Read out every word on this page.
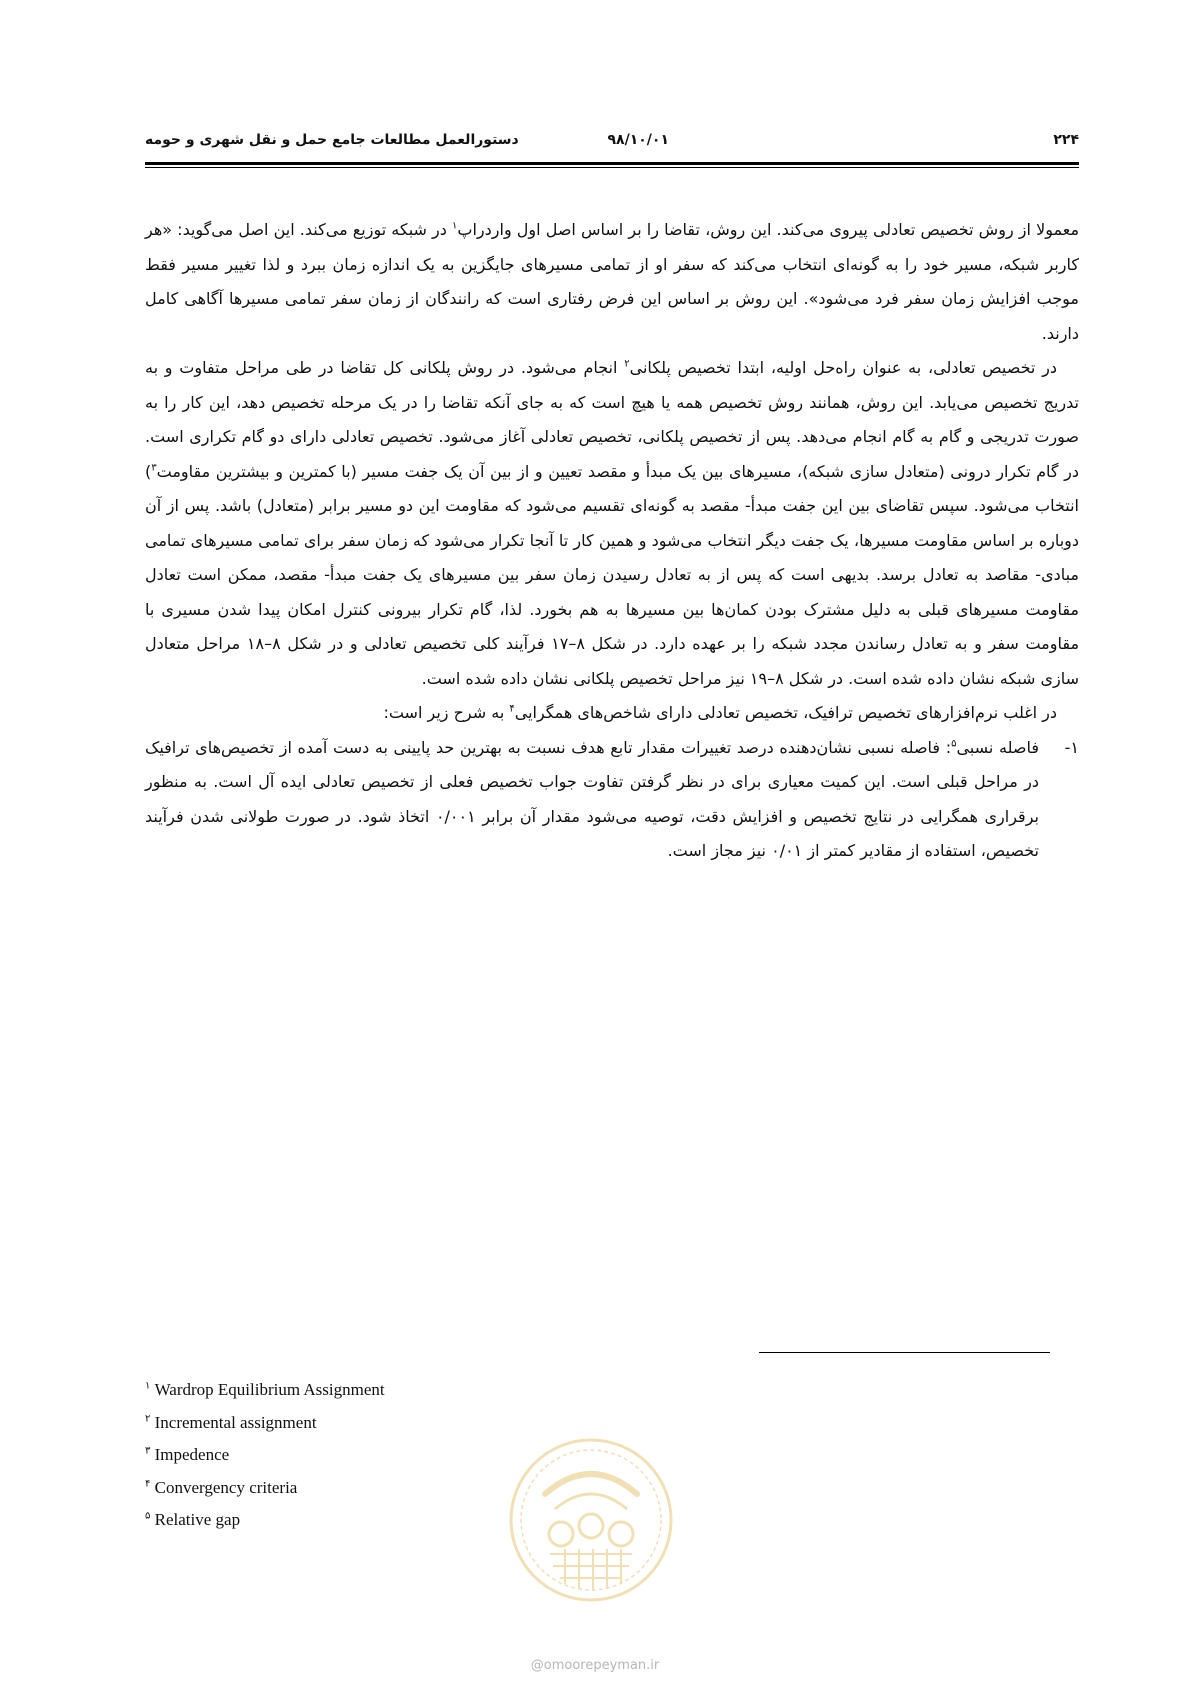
۲۲۴
۹۸/۱۰/۰۱
دستورالعمل مطالعات جامع حمل و نقل شهری و حومه

معمولا از روش تخصیص تعادلی پیروی می‌کند. این روش، تقاضا را بر اساس اصل اول واردراپ$^۱$ در شبکه توزیع می‌کند. این اصل می‌گوید: «هر کاربر شبکه، مسیر خود را به گونه‌ای انتخاب می‌کند که سفر او از تمامی مسیرهای جایگزین به یک اندازه زمان ببرد و لذا تغییر مسیر فقط موجب افزایش زمان سفر فرد می‌شود». این روش بر اساس این فرض رفتاری است که رانندگان از زمان سفر تمامی مسیرها آگاهی کامل دارند.

در تخصیص تعادلی، به عنوان راه‌حل اولیه، ابتدا تخصیص پلکانی$^۲$ انجام می‌شود. در روش پلکانی کل تقاضا در طی مراحل متفاوت و به تدریج تخصیص می‌یابد. این روش، همانند روش تخصیص همه یا هیچ است که به جای آنکه تقاضا را در یک مرحله تخصیص دهد، این کار را به صورت تدریجی و گام به گام انجام می‌دهد. پس از تخصیص پلکانی، تخصیص تعادلی آغاز می‌شود. تخصیص تعادلی دارای دو گام تکراری است. در گام تکرار درونی (متعادل سازی شبکه)، مسیرهای بین یک مبدأ و مقصد تعیین و از بین آن یک جفت مسیر (با کمترین و بیشترین مقاومت$^۳$) انتخاب می‌شود. سپس تقاضای بین این جفت مبدأ- مقصد به گونه‌ای تقسیم می‌شود که مقاومت این دو مسیر برابر (متعادل) باشد. پس از آن دوباره بر اساس مقاومت مسیرها، یک جفت دیگر انتخاب می‌شود و همین کار تا آنجا تکرار می‌شود که زمان سفر برای تمامی مسیرهای تمامی مبادی- مقاصد به تعادل برسد. بدیهی است که پس از به تعادل رسیدن زمان سفر بین مسیرهای یک جفت مبدأ- مقصد، ممکن است تعادل مقاومت مسیرهای قبلی به دلیل مشترک بودن کمان‌ها بین مسیرها به هم بخورد. لذا، گام تکرار بیرونی کنترل امکان پیدا شدن مسیری با مقاومت سفر و به تعادل رساندن مجدد شبکه را بر عهده دارد. در شکل ۸–۱۷ فرآیند کلی تخصیص تعادلی و در شکل ۸–۱۸ مراحل متعادل سازی شبکه نشان داده شده است. در شکل ۸–۱۹ نیز مراحل تخصیص پلکانی نشان داده شده است.

در اغلب نرم‌افزارهای تخصیص ترافیک، تخصیص تعادلی دارای شاخص‌های همگرایی$^۴$ به شرح زیر است:

۱-
فاصله نسبی$^۵$: فاصله نسبی نشان‌دهنده درصد تغییرات مقدار تابع هدف نسبت به بهترین حد پایینی به دست آمده از تخصیص‌های ترافیک در مراحل قبلی است. این کمیت معیاری برای در نظر گرفتن تفاوت جواب تخصیص فعلی از تخصیص تعادلی ایده آل است. به منظور برقراری همگرایی در نتایج تخصیص و افزایش دقت، توصیه می‌شود مقدار آن برابر ۰/۰۰۱ اتخاذ شود. در صورت طولانی شدن فرآیند تخصیص، استفاده از مقادیر کمتر از ۰/۰۱ نیز مجاز است.

$^۱$ Wardrop Equilibrium Assignment
$^۲$ Incremental assignment
$^۳$ Impedence
$^۴$ Convergency criteria
$^۵$ Relative gap
@omoorepeyman.ir
